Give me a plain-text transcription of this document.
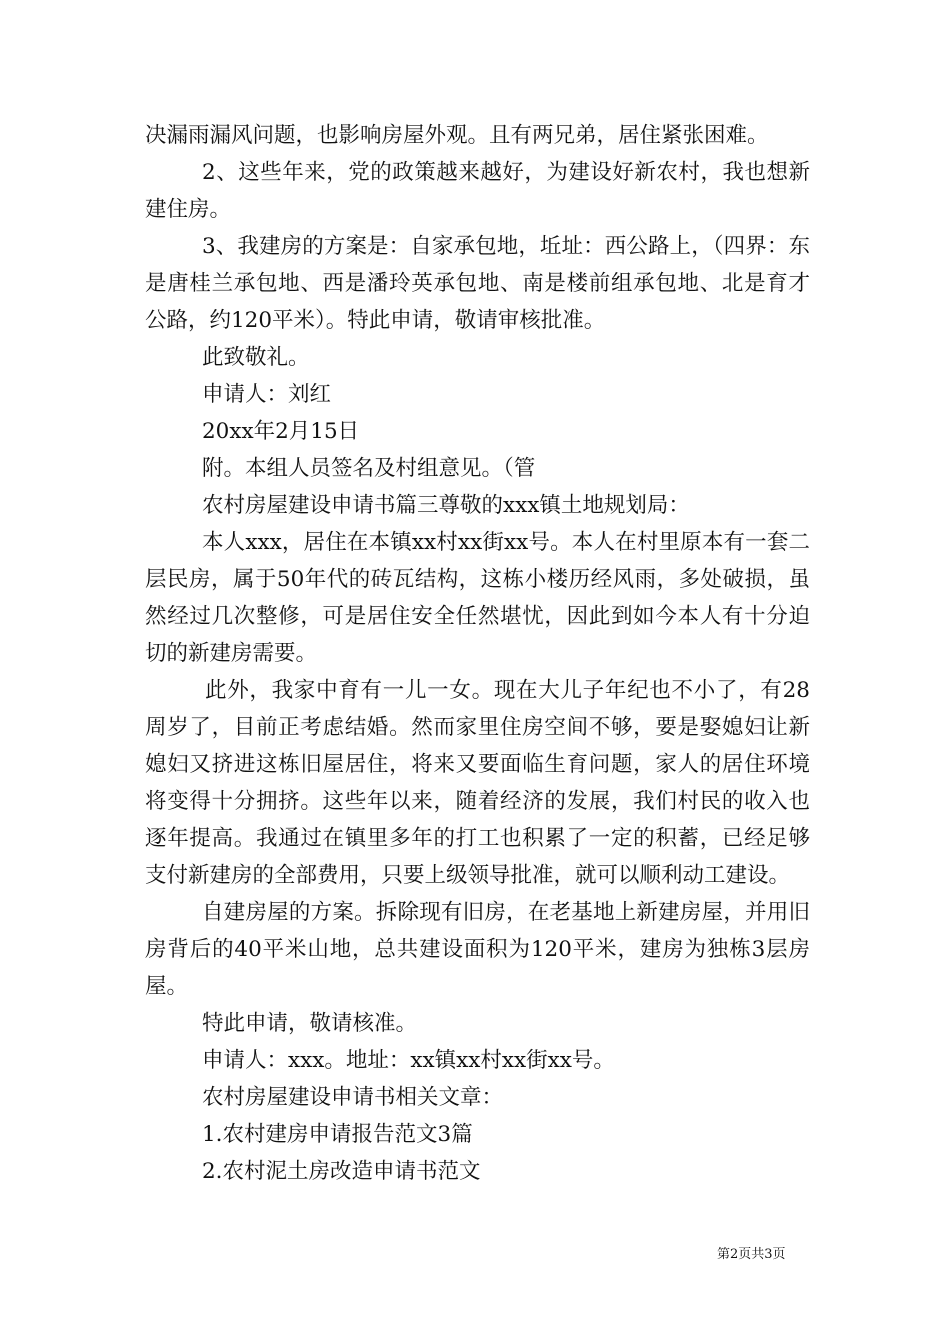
决漏雨漏风问题，也影响房屋外观。且有两兄弟，居住紧张困难。

2、这些年来，党的政策越来越好，为建设好新农村，我也想新建住房。

3、我建房的方案是：自家承包地，坵址：西公路上，（四界：东是唐桂兰承包地、西是潘玲英承包地、南是楼前组承包地、北是育才公路，约120平米）。特此申请，敬请审核批准。

此致敬礼。

申请人：刘红

20xx年2月15日

附。本组人员签名及村组意见。（管

农村房屋建设申请书篇三尊敬的xxx镇土地规划局：

本人xxx，居住在本镇xx村xx街xx号。本人在村里原本有一套二层民房，属于50年代的砖瓦结构，这栋小楼历经风雨，多处破损，虽然经过几次整修，可是居住安全任然堪忧，因此到如今本人有十分迫切的新建房需要。

此外，我家中育有一儿一女。现在大儿子年纪也不小了，有28周岁了，目前正考虑结婚。然而家里住房空间不够，要是娶媳妇让新媳妇又挤进这栋旧屋居住，将来又要面临生育问题，家人的居住环境将变得十分拥挤。这些年以来，随着经济的发展，我们村民的收入也逐年提高。我通过在镇里多年的打工也积累了一定的积蓄，已经足够支付新建房的全部费用，只要上级领导批准，就可以顺利动工建设。

自建房屋的方案。拆除现有旧房，在老基地上新建房屋，并用旧房背后的40平米山地，总共建设面积为120平米，建房为独栋3层房屋。

特此申请，敬请核准。

申请人：xxx。地址：xx镇xx村xx街xx号。

农村房屋建设申请书相关文章：

1.农村建房申请报告范文3篇

2.农村泥土房改造申请书范文

第2页共3页
